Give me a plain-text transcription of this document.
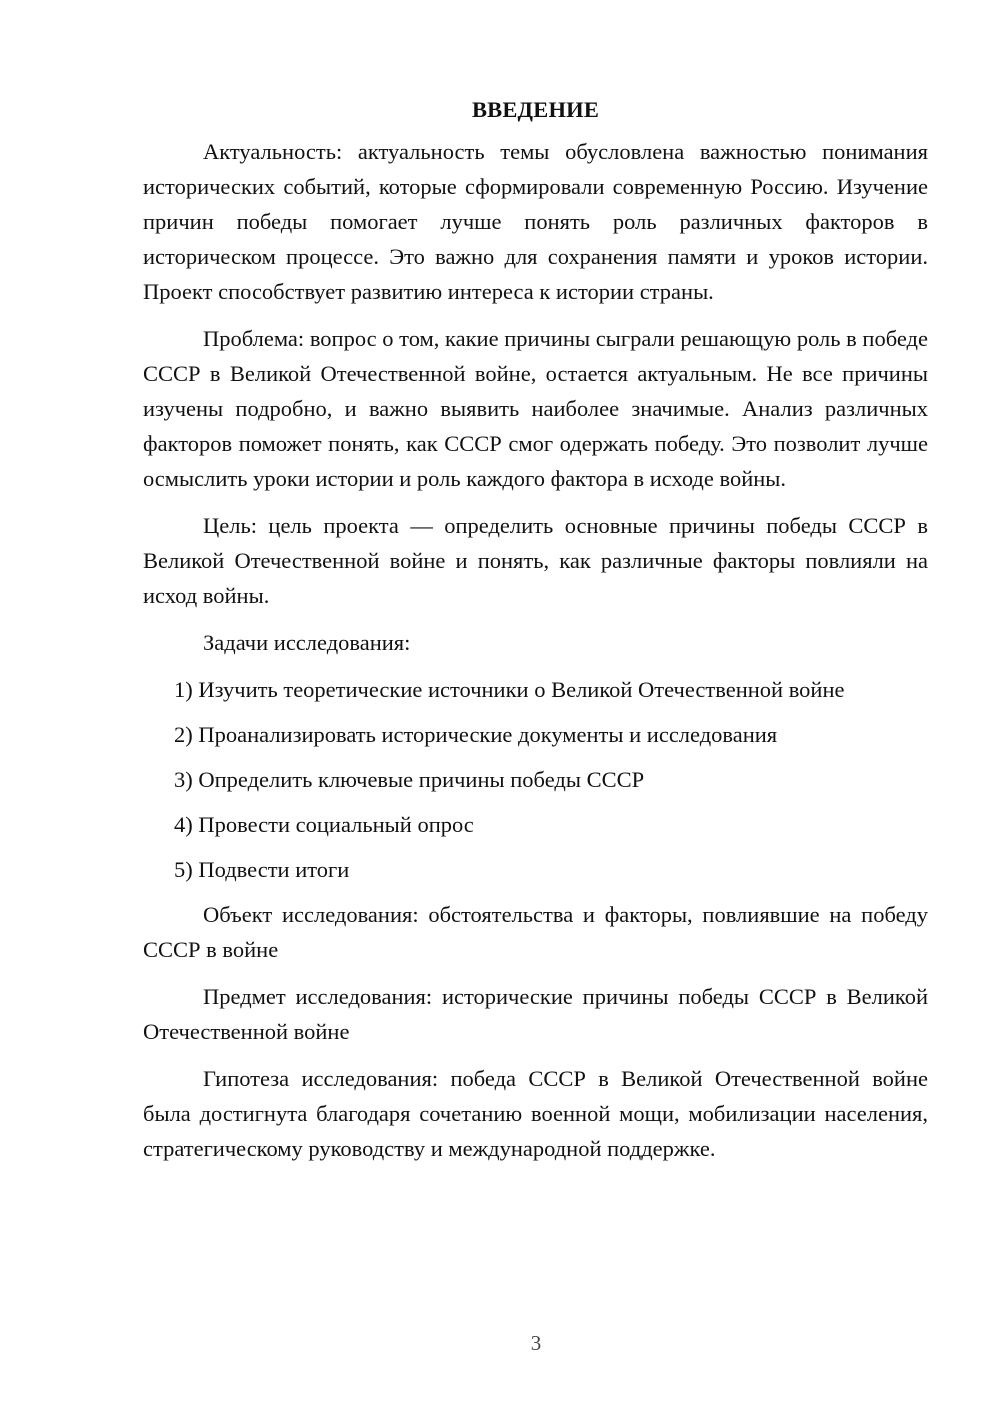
ВВЕДЕНИЕ

Актуальность: актуальность темы обусловлена важностью понимания исторических событий, которые сформировали современную Россию. Изучение причин победы помогает лучше понять роль различных факторов в историческом процессе. Это важно для сохранения памяти и уроков истории. Проект способствует развитию интереса к истории страны.

Проблема: вопрос о том, какие причины сыграли решающую роль в победе СССР в Великой Отечественной войне, остается актуальным. Не все причины изучены подробно, и важно выявить наиболее значимые. Анализ различных факторов поможет понять, как СССР смог одержать победу. Это позволит лучше осмыслить уроки истории и роль каждого фактора в исходе войны.

Цель: цель проекта — определить основные причины победы СССР в Великой Отечественной войне и понять, как различные факторы повлияли на исход войны.

Задачи исследования:

1) Изучить теоретические источники о Великой Отечественной войне
2) Проанализировать исторические документы и исследования
3) Определить ключевые причины победы СССР
4) Провести социальный опрос
5) Подвести итоги

Объект исследования: обстоятельства и факторы, повлиявшие на победу СССР в войне

Предмет исследования: исторические причины победы СССР в Великой Отечественной войне

Гипотеза исследования: победа СССР в Великой Отечественной войне была достигнута благодаря сочетанию военной мощи, мобилизации населения, стратегическому руководству и международной поддержке.

3
